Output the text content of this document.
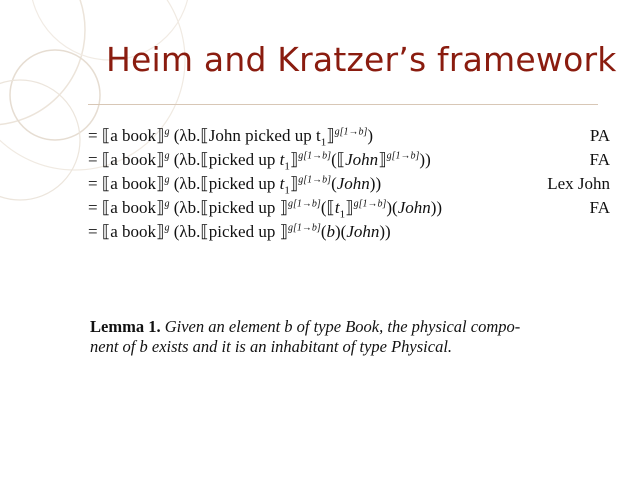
Heim and Kratzer’s framework
= ⟦a book⟧$^g$ (λb.⟦John picked up $t_1⟧^{g[1\to b]}$)	PA
= ⟦a book⟧$^g$ (λb.⟦picked up $t_1⟧^{g[1\to b]}(⟦John⟧^{g[1\to b]})$)	FA
= ⟦a book⟧$^g$ (λb.⟦picked up $t_1⟧^{g[1\to b]}(John)$)	Lex John
= ⟦a book⟧$^g$ (λb.⟦picked up $⟧^{g[1\to b]}(⟦t_1⟧^{g[1\to b]})(John)$)	FA
= ⟦a book⟧$^g$ (λb.⟦picked up ⟧$^{g[1\to b]}$(b)(John))
Lemma 1. Given an element b of type Book, the physical compo-
nent of b exists and it is an inhabitant of type Physical.
